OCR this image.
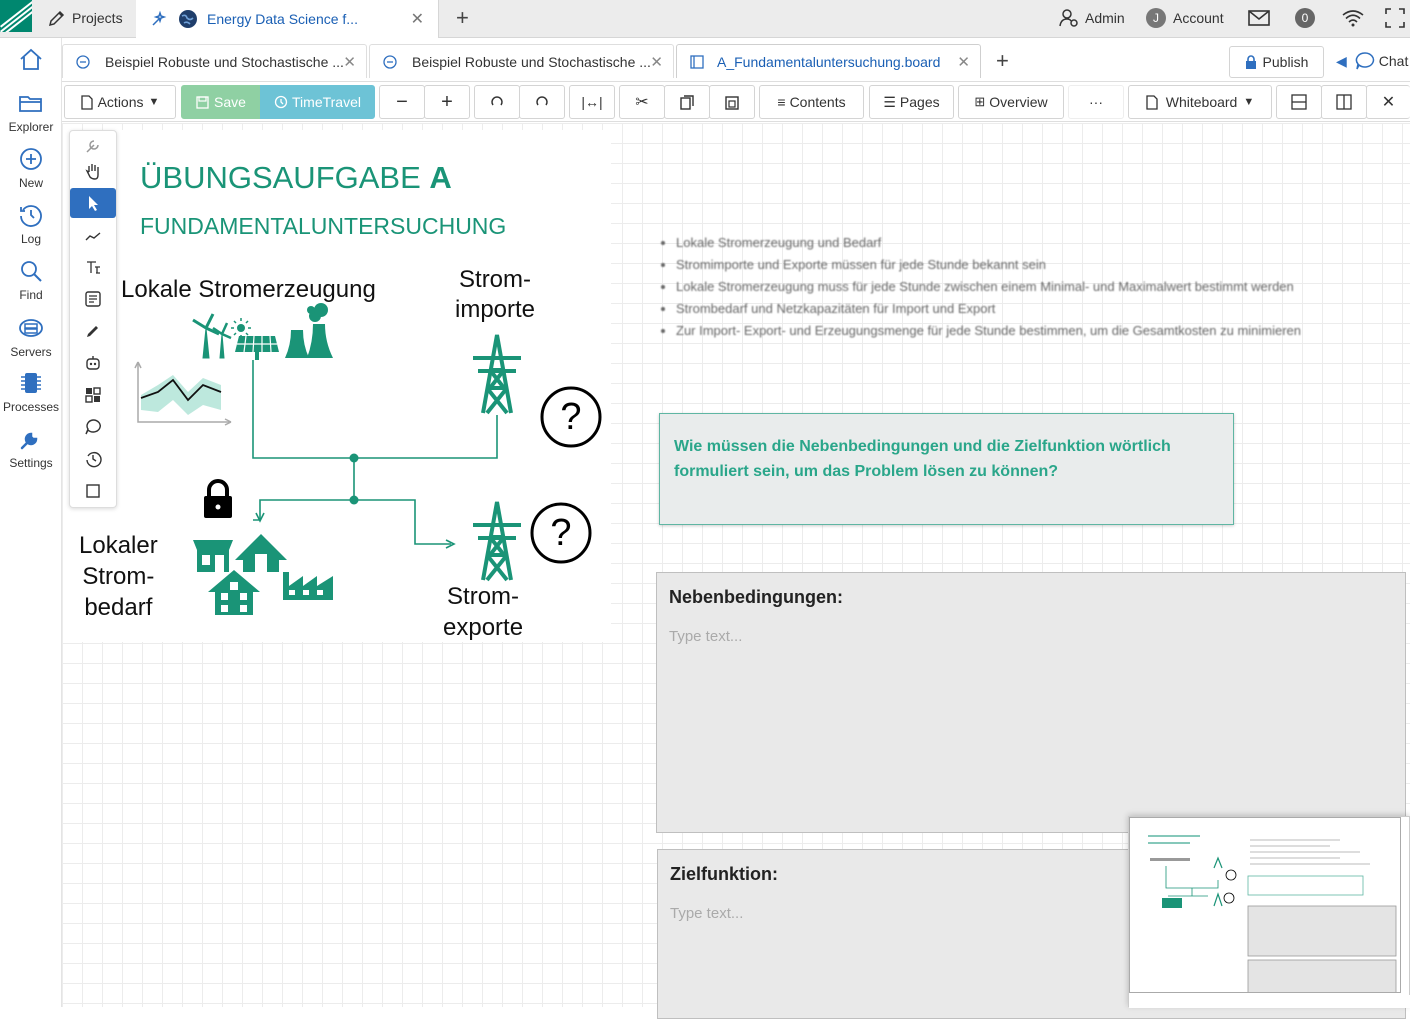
Projects	Energy Data Science f...	✕ +	Admin	J	Account	0
Explorer
New
Log
Find
Servers
Processes
Settings
Beispiel Robuste und Stochastische ... ✕	Beispiel Robuste und Stochastische ... ✕	A_Fundamentaluntersuchung.board ✕ +	Publish ◀ Chat
Actions ▼	Save	TimeTravel − +	|↔| ✂	≡ Contents	☰ Pages	⊞ Overview	···	Whiteboard ▼	✕
ÜBUNGSAUFGABE A
FUNDAMENTALUNTERSUCHUNG
Lokale Stromerzeugung	Strom-
importe
Lokaler
Strom-
bedarf	Strom-
exporte
?
?
• Lokale Stromerzeugung und Bedarf
• Stromimporte und Exporte müssen für jede Stunde bekannt sein
• Lokale Stromerzeugung muss für jede Stunde zwischen einem Minimal- und Maximalwert bestimmt werden
• Strombedarf und Netzkapazitäten für Import und Export
• Zur Import- Export- und Erzeugungsmenge für jede Stunde bestimmen, um die Gesamtkosten zu minimieren
Wie müssen die Nebenbedingungen und die Zielfunktion wörtlich formuliert sein, um das Problem lösen zu können?
Nebenbedingungen:
Type text...
Zielfunktion:
Type text...
